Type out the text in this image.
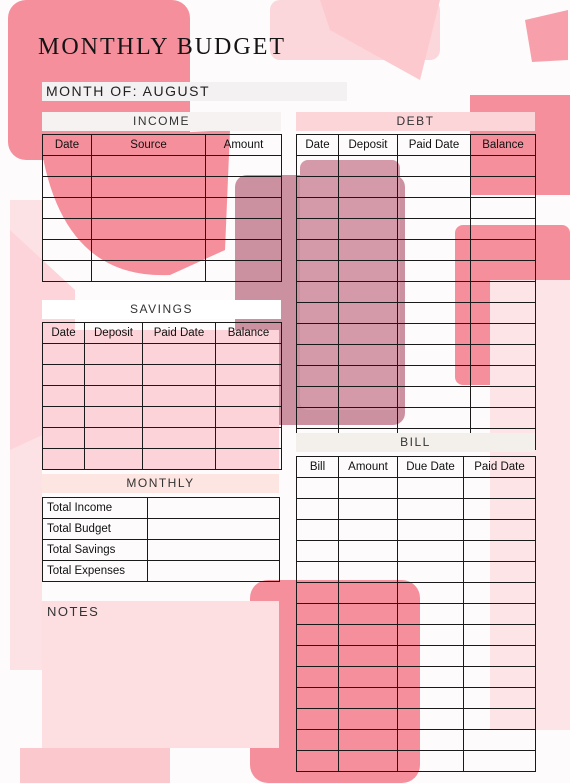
MONTHLY BUDGET
MONTH OF: AUGUST
INCOME
Date	Source	Amount

SAVINGS
Date	Deposit	Paid Date	Balance

MONTHLY
Total Income	
Total Budget	
Total Savings	
Total Expenses	
NOTES
DEBT
Date	Deposit	Paid Date	Balance

BILL
Bill	Amount	Due Date	Paid Date
